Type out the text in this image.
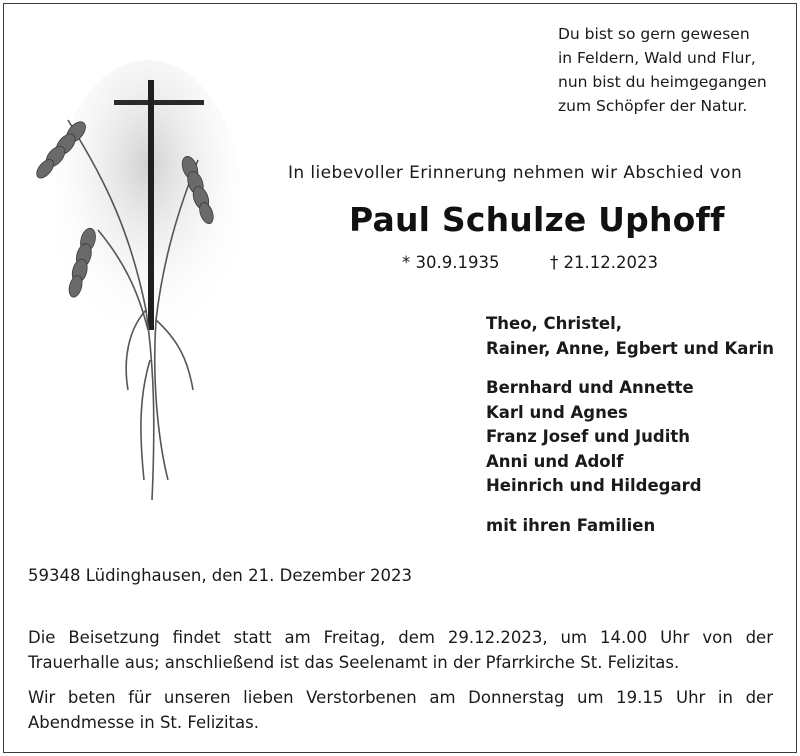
Du bist so gern gewesen
in Feldern, Wald und Flur,
nun bist du heimgegangen
zum Schöpfer der Natur.
In liebevoller Erinnerung nehmen wir Abschied von
Paul Schulze Uphoff
* 30.9.1935	† 21.12.2023
Theo, Christel,
Rainer, Anne, Egbert und Karin
Bernhard und Annette
Karl und Agnes
Franz Josef und Judith
Anni und Adolf
Heinrich und Hildegard
mit ihren Familien
59348 Lüdinghausen, den 21. Dezember 2023
Die Beisetzung findet statt am Freitag, dem 29.12.2023, um 14.00 Uhr von der Trauerhalle aus; anschließend ist das Seelenamt in der Pfarrkirche St. Felizitas.
Wir beten für unseren lieben Verstorbenen am Donnerstag um 19.15 Uhr in der Abendmesse in St. Felizitas.
